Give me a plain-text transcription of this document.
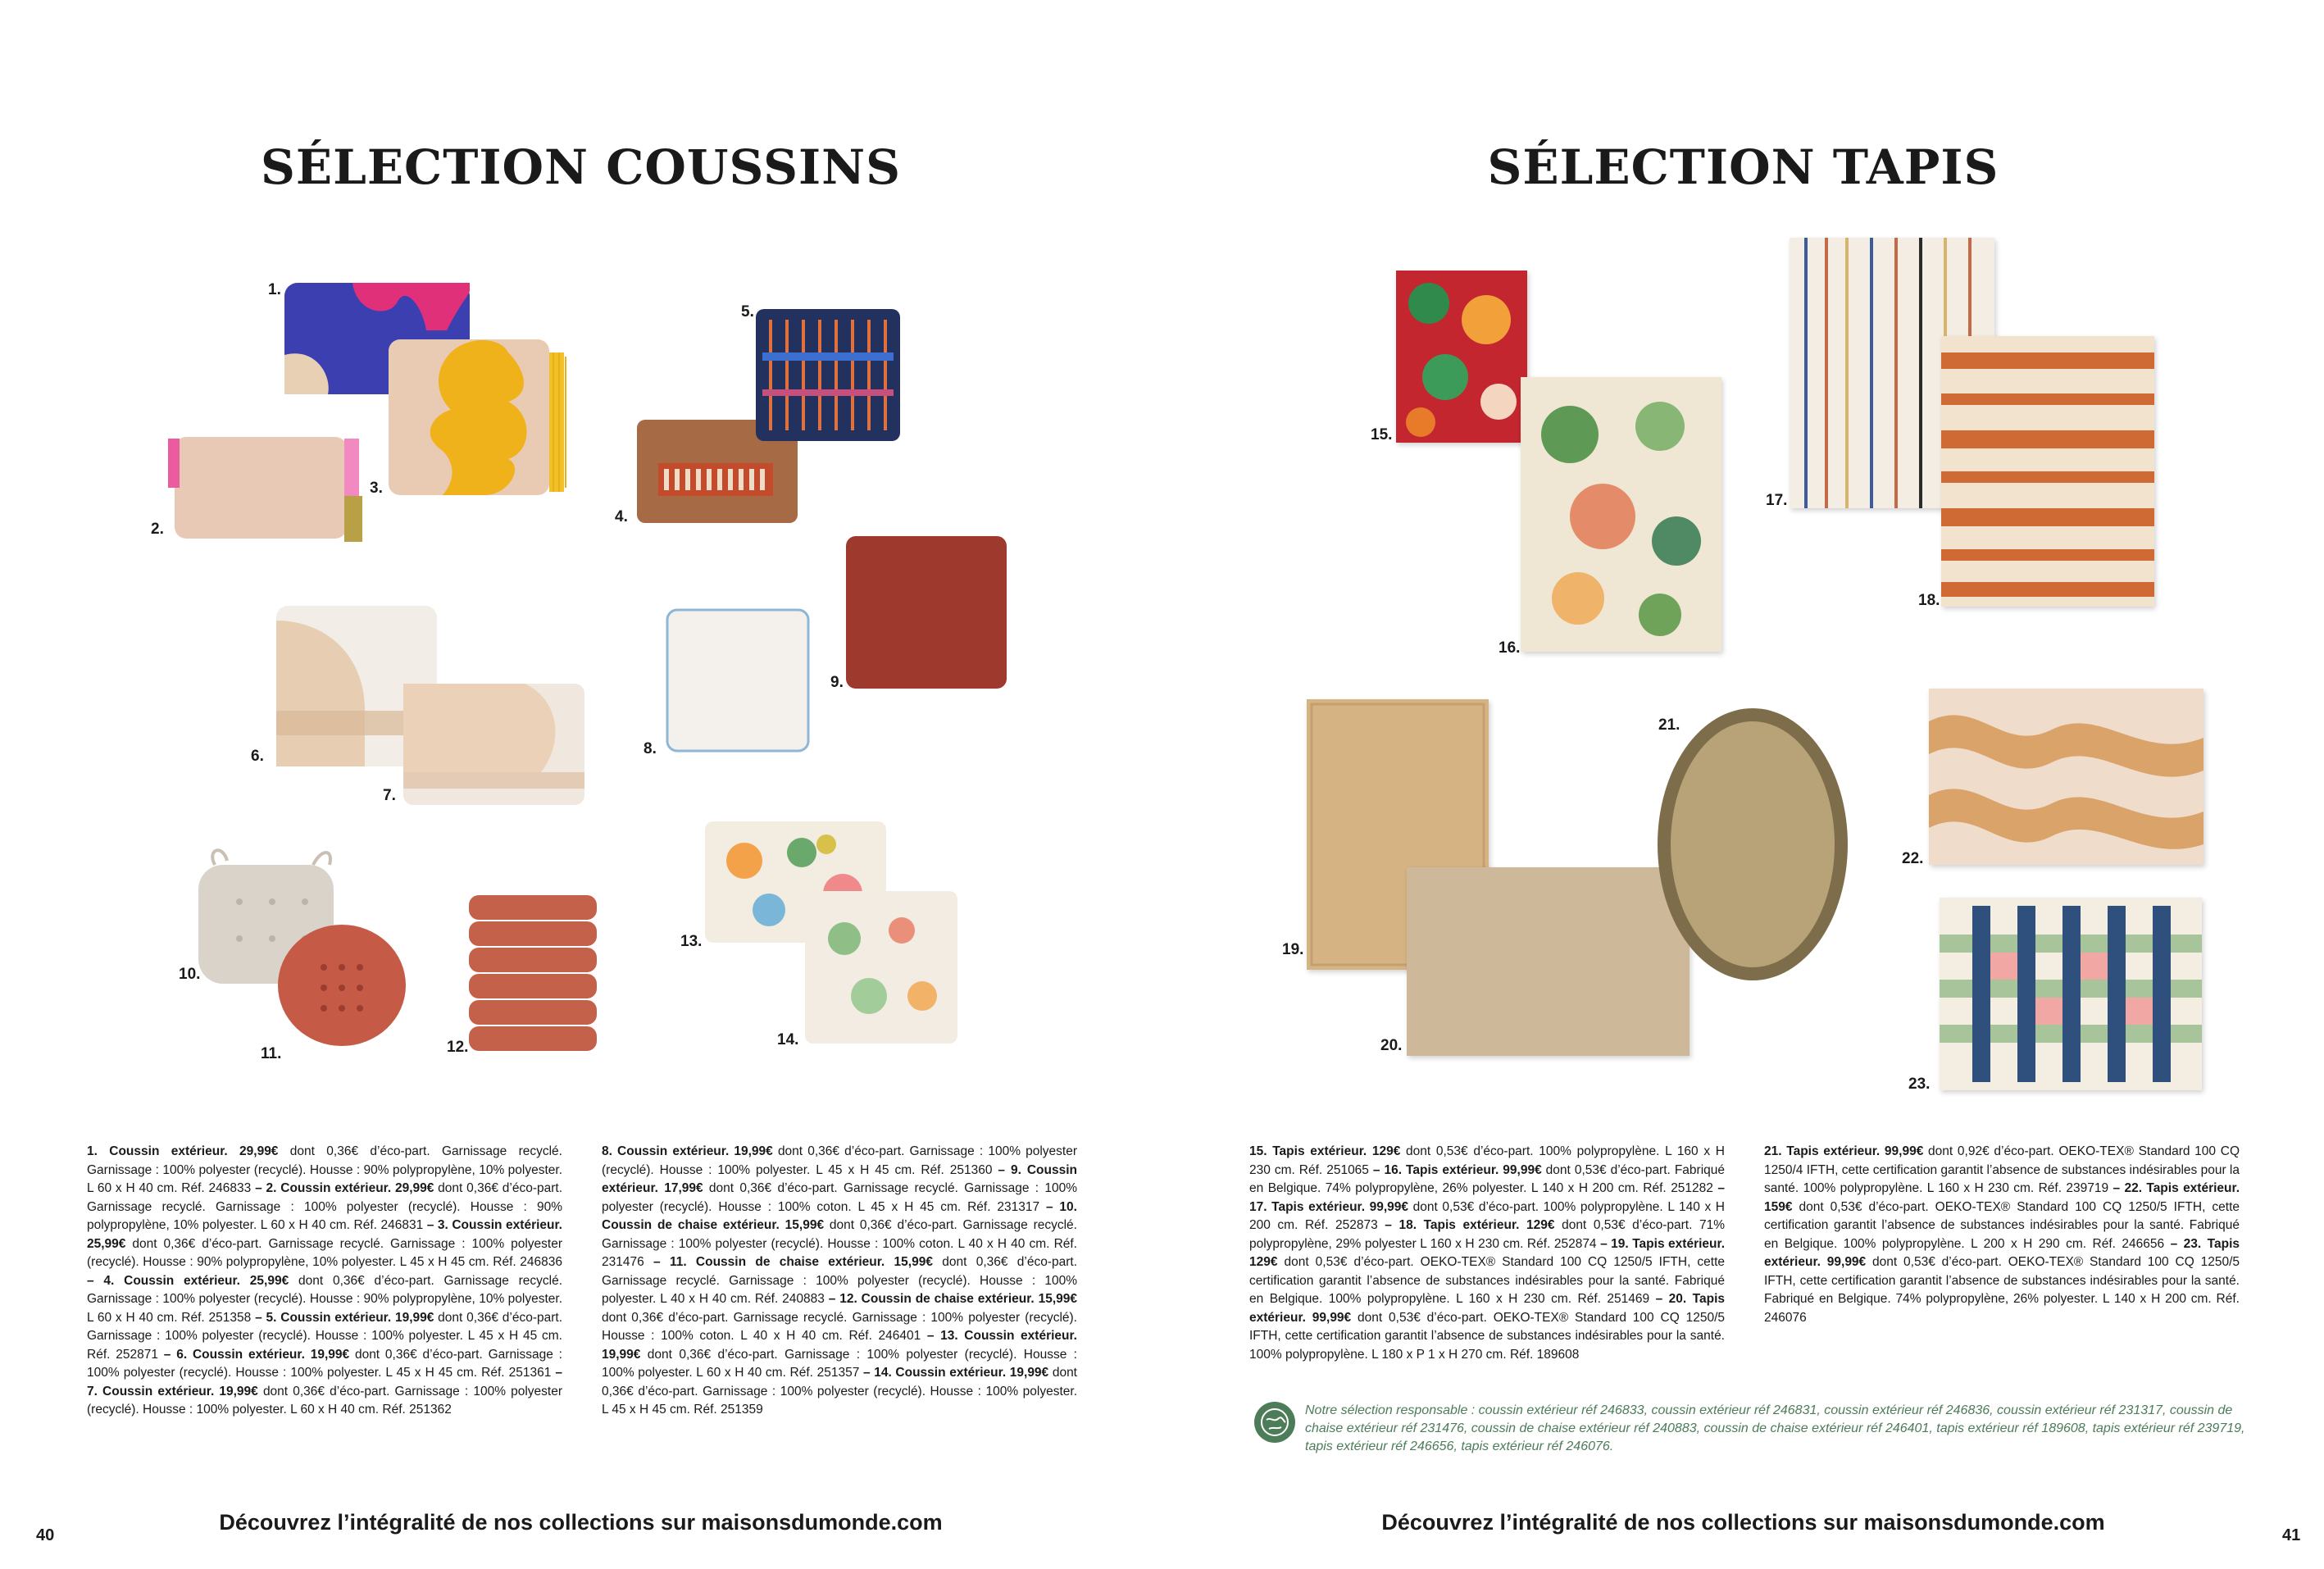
SÉLECTION COUSSINS
1.
2.
3.
4.
5.
6.
7.
8.
9.
10.
11.	12.
13.
14.
1. Coussin extérieur. 29,99€ dont 0,36€ d’éco-part. Garnissage recyclé. Garnissage : 100% polyester (recyclé). Housse : 90% polypropylène, 10% polyester. L 60 x H 40 cm. Réf. 246833 – 2. Coussin extérieur. 29,99€ dont 0,36€ d’éco-part. Garnissage recyclé. Garnissage : 100% polyester (recyclé). Housse : 90% polypropylène, 10% polyester. L 60 x H 40 cm. Réf. 246831 – 3. Coussin extérieur. 25,99€ dont 0,36€ d’éco-part. Garnissage recyclé. Garnissage : 100% polyester (recyclé). Housse : 90% polypropylène, 10% polyester. L 45 x H 45 cm. Réf. 246836 – 4. Coussin extérieur. 25,99€ dont 0,36€ d’éco-part. Garnissage recyclé. Garnissage : 100% polyester (recyclé). Housse : 90% polypropylène, 10% polyester. L 60 x H 40 cm. Réf. 251358 – 5. Coussin extérieur. 19,99€ dont 0,36€ d’éco-part. Garnissage : 100% polyester (recyclé). Housse : 100% polyester. L 45 x H 45 cm. Réf. 252871 – 6. Coussin extérieur. 19,99€ dont 0,36€ d’éco-part. Garnissage : 100% polyester (recyclé). Housse : 100% polyester. L 45 x H 45 cm. Réf. 251361 – 7. Coussin extérieur. 19,99€ dont 0,36€ d’éco-part. Garnissage : 100% polyester (recyclé). Housse : 100% polyester. L 60 x H 40 cm. Réf. 251362
8. Coussin extérieur. 19,99€ dont 0,36€ d’éco-part. Garnissage : 100% polyester (recyclé). Housse : 100% polyester. L 45 x H 45 cm. Réf. 251360 – 9. Coussin extérieur. 17,99€ dont 0,36€ d’éco-part. Garnissage recyclé. Garnissage : 100% polyester (recyclé). Housse : 100% coton. L 45 x H 45 cm. Réf. 231317 – 10. Coussin de chaise extérieur. 15,99€ dont 0,36€ d’éco-part. Garnissage recyclé. Garnissage : 100% polyester (recyclé). Housse : 100% coton. L 40 x H 40 cm. Réf. 231476 – 11. Coussin de chaise extérieur. 15,99€ dont 0,36€ d’éco-part. Garnissage recyclé. Garnissage : 100% polyester (recyclé). Housse : 100% polyester. L 40 x H 40 cm. Réf. 240883 – 12. Coussin de chaise extérieur. 15,99€ dont 0,36€ d’éco-part. Garnissage recyclé. Garnissage : 100% polyester (recyclé). Housse : 100% coton. L 40 x H 40 cm. Réf. 246401 – 13. Coussin extérieur. 19,99€ dont 0,36€ d’éco-part. Garnissage : 100% polyester (recyclé). Housse : 100% polyester. L 60 x H 40 cm. Réf. 251357 – 14. Coussin extérieur. 19,99€ dont 0,36€ d’éco-part. Garnissage : 100% polyester (recyclé). Housse : 100% polyester. L 45 x H 45 cm. Réf. 251359
Découvrez l’intégralité de nos collections sur maisonsdumonde.com
40
SÉLECTION TAPIS
15.
16.
17.
18.
19.
20.
21.
22.
23.
15. Tapis extérieur. 129€ dont 0,53€ d’éco-part. 100% polypropylène. L 160 x H 230 cm. Réf. 251065 – 16. Tapis extérieur. 99,99€ dont 0,53€ d’éco-part. Fabriqué en Belgique. 74% polypropylène, 26% polyester. L 140 x H 200 cm. Réf. 251282 – 17. Tapis extérieur. 99,99€ dont 0,53€ d’éco-part. 100% polypropylène. L 140 x H 200 cm. Réf. 252873 – 18. Tapis extérieur. 129€ dont 0,53€ d’éco-part. 71% polypropylène, 29% polyester L 160 x H 230 cm. Réf. 252874 – 19. Tapis extérieur. 129€ dont 0,53€ d’éco-part. OEKO-TEX® Standard 100 CQ 1250/5 IFTH, cette certification garantit l’absence de substances indésirables pour la santé. Fabriqué en Belgique. 100% polypropylène. L 160 x H 230 cm. Réf. 251469 – 20. Tapis extérieur. 99,99€ dont 0,53€ d’éco-part. OEKO-TEX® Standard 100 CQ 1250/5 IFTH, cette certification garantit l’absence de substances indésirables pour la santé. 100% polypropylène. L 180 x P 1 x H 270 cm. Réf. 189608
21. Tapis extérieur. 99,99€ dont 0,92€ d’éco-part. OEKO-TEX® Standard 100 CQ 1250/4 IFTH, cette certification garantit l’absence de substances indésirables pour la santé. 100% polypropylène. L 160 x H 230 cm. Réf. 239719 – 22. Tapis extérieur. 159€ dont 0,53€ d’éco-part. OEKO-TEX® Standard 100 CQ 1250/5 IFTH, cette certification garantit l’absence de substances indésirables pour la santé. Fabriqué en Belgique. 100% polypropylène. L 200 x H 290 cm. Réf. 246656 – 23. Tapis extérieur. 99,99€ dont 0,53€ d’éco-part. OEKO-TEX® Standard 100 CQ 1250/5 IFTH, cette certification garantit l’absence de substances indésirables pour la santé. Fabriqué en Belgique. 74% polypropylène, 26% polyester. L 140 x H 200 cm. Réf. 246076
Notre sélection responsable : coussin extérieur réf 246833, coussin extérieur réf 246831, coussin extérieur réf 246836, coussin extérieur réf 231317, coussin de chaise extérieur réf 231476, coussin de chaise extérieur réf 240883, coussin de chaise extérieur réf 246401, tapis extérieur réf 189608, tapis extérieur réf 239719, tapis extérieur réf 246656, tapis extérieur réf 246076.
Découvrez l’intégralité de nos collections sur maisonsdumonde.com
41
